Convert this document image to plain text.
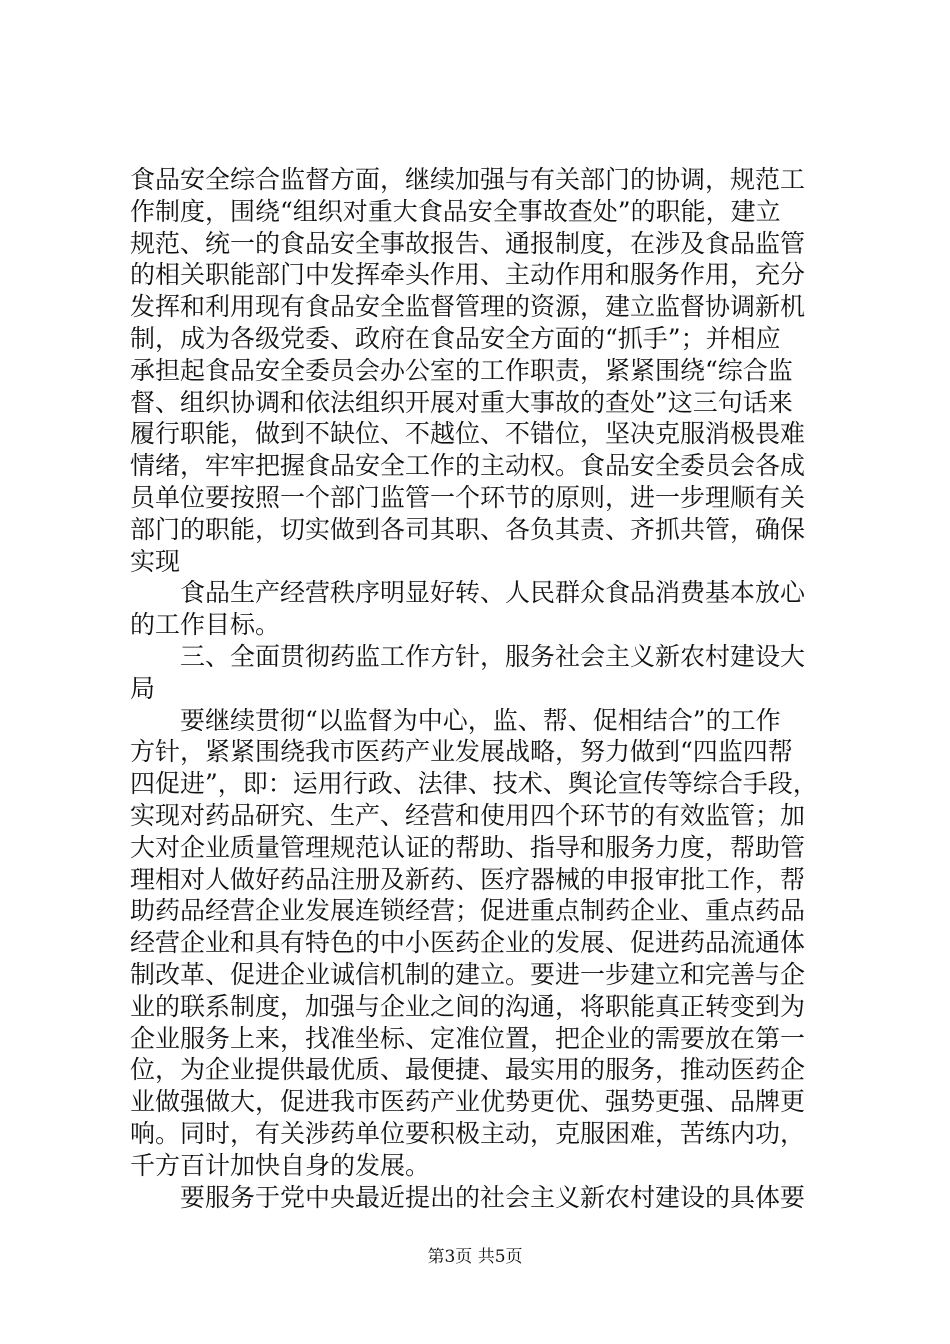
食品安全综合监督方面，继续加强与有关部门的协调，规范工
作制度，围绕“组织对重大食品安全事故查处”的职能，建立
规范、统一的食品安全事故报告、通报制度，在涉及食品监管
的相关职能部门中发挥牵头作用、主动作用和服务作用，充分
发挥和利用现有食品安全监督管理的资源，建立监督协调新机
制，成为各级党委、政府在食品安全方面的“抓手”；并相应
承担起食品安全委员会办公室的工作职责，紧紧围绕“综合监
督、组织协调和依法组织开展对重大事故的查处”这三句话来
履行职能，做到不缺位、不越位、不错位，坚决克服消极畏难
情绪，牢牢把握食品安全工作的主动权。食品安全委员会各成
员单位要按照一个部门监管一个环节的原则，进一步理顺有关
部门的职能，切实做到各司其职、各负其责、齐抓共管，确保
实现
　　食品生产经营秩序明显好转、人民群众食品消费基本放心
的工作目标。
　　三、全面贯彻药监工作方针，服务社会主义新农村建设大
局
　　要继续贯彻“以监督为中心，监、帮、促相结合”的工作
方针，紧紧围绕我市医药产业发展战略，努力做到“四监四帮
四促进”，即：运用行政、法律、技术、舆论宣传等综合手段，
实现对药品研究、生产、经营和使用四个环节的有效监管；加
大对企业质量管理规范认证的帮助、指导和服务力度，帮助管
理相对人做好药品注册及新药、医疗器械的申报审批工作，帮
助药品经营企业发展连锁经营；促进重点制药企业、重点药品
经营企业和具有特色的中小医药企业的发展、促进药品流通体
制改革、促进企业诚信机制的建立。要进一步建立和完善与企
业的联系制度，加强与企业之间的沟通，将职能真正转变到为
企业服务上来，找准坐标、定准位置，把企业的需要放在第一
位，为企业提供最优质、最便捷、最实用的服务，推动医药企
业做强做大，促进我市医药产业优势更优、强势更强、品牌更
响。同时，有关涉药单位要积极主动，克服困难，苦练内功，
千方百计加快自身的发展。
　　要服务于党中央最近提出的社会主义新农村建设的具体要
第3页 共5页
